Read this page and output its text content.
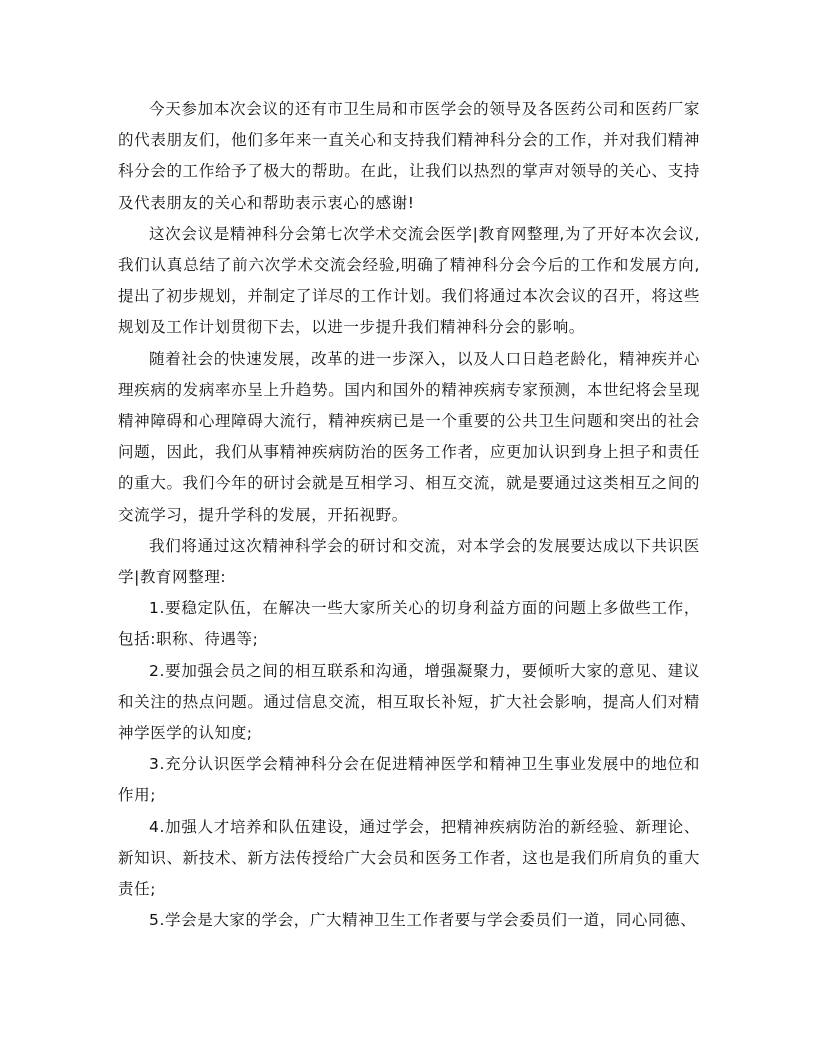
今天参加本次会议的还有市卫生局和市医学会的领导及各医药公司和医药厂家的代表朋友们，他们多年来一直关心和支持我们精神科分会的工作，并对我们精神科分会的工作给予了极大的帮助。在此，让我们以热烈的掌声对领导的关心、支持及代表朋友的关心和帮助表示衷心的感谢!

这次会议是精神科分会第七次学术交流会医学|教育网整理,为了开好本次会议,我们认真总结了前六次学术交流会经验,明确了精神科分会今后的工作和发展方向,提出了初步规划，并制定了详尽的工作计划。我们将通过本次会议的召开，将这些规划及工作计划贯彻下去，以进一步提升我们精神科分会的影响。

随着社会的快速发展，改革的进一步深入，以及人口日趋老龄化，精神疾并心理疾病的发病率亦呈上升趋势。国内和国外的精神疾病专家预测，本世纪将会呈现精神障碍和心理障碍大流行，精神疾病已是一个重要的公共卫生问题和突出的社会问题，因此，我们从事精神疾病防治的医务工作者，应更加认识到身上担子和责任的重大。我们今年的研讨会就是互相学习、相互交流，就是要通过这类相互之间的交流学习，提升学科的发展，开拓视野。

我们将通过这次精神科学会的研讨和交流，对本学会的发展要达成以下共识医学|教育网整理:

1.要稳定队伍，在解决一些大家所关心的切身利益方面的问题上多做些工作，包括:职称、待遇等;

2.要加强会员之间的相互联系和沟通，增强凝聚力，要倾听大家的意见、建议和关注的热点问题。通过信息交流，相互取长补短，扩大社会影响，提高人们对精神学医学的认知度;

3.充分认识医学会精神科分会在促进精神医学和精神卫生事业发展中的地位和作用;

4.加强人才培养和队伍建设，通过学会，把精神疾病防治的新经验、新理论、新知识、新技术、新方法传授给广大会员和医务工作者，这也是我们所肩负的重大责任;

5.学会是大家的学会，广大精神卫生工作者要与学会委员们一道，同心同德、
